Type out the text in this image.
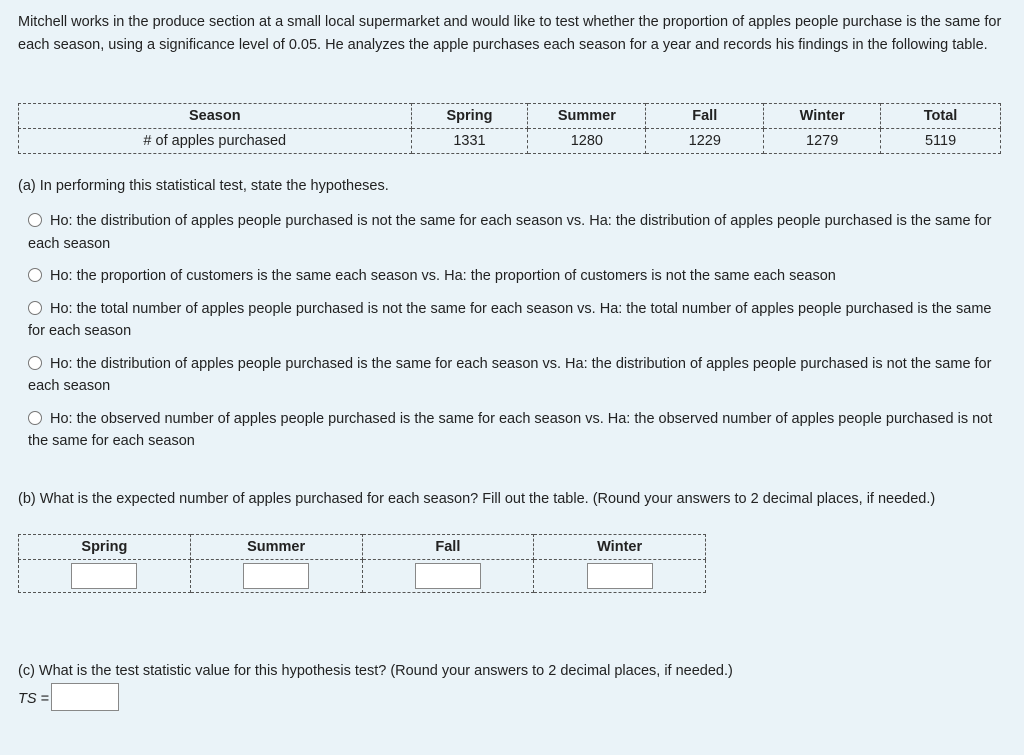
Mitchell works in the produce section at a small local supermarket and would like to test whether the proportion of apples people purchase is the same for each season, using a significance level of 0.05. He analyzes the apple purchases each season for a year and records his findings in the following table.
Season	Spring	Summer	Fall	Winter	Total
# of apples purchased	1331	1280	1229	1279	5119
(a) In performing this statistical test, state the hypotheses.
Ho: the distribution of apples people purchased is not the same for each season vs. Ha: the distribution of apples people purchased is the same for each season
Ho: the proportion of customers is the same each season vs. Ha: the proportion of customers is not the same each season
Ho: the total number of apples people purchased is not the same for each season vs. Ha: the total number of apples people purchased is the same for each season
Ho: the distribution of apples people purchased is the same for each season vs. Ha: the distribution of apples people purchased is not the same for each season
Ho: the observed number of apples people purchased is the same for each season vs. Ha: the observed number of apples people purchased is not the same for each season
(b) What is the expected number of apples purchased for each season? Fill out the table. (Round your answers to 2 decimal places, if needed.)
Spring	Summer	Fall	Winter

(c) What is the test statistic value for this hypothesis test? (Round your answers to 2 decimal places, if needed.)
TS =
